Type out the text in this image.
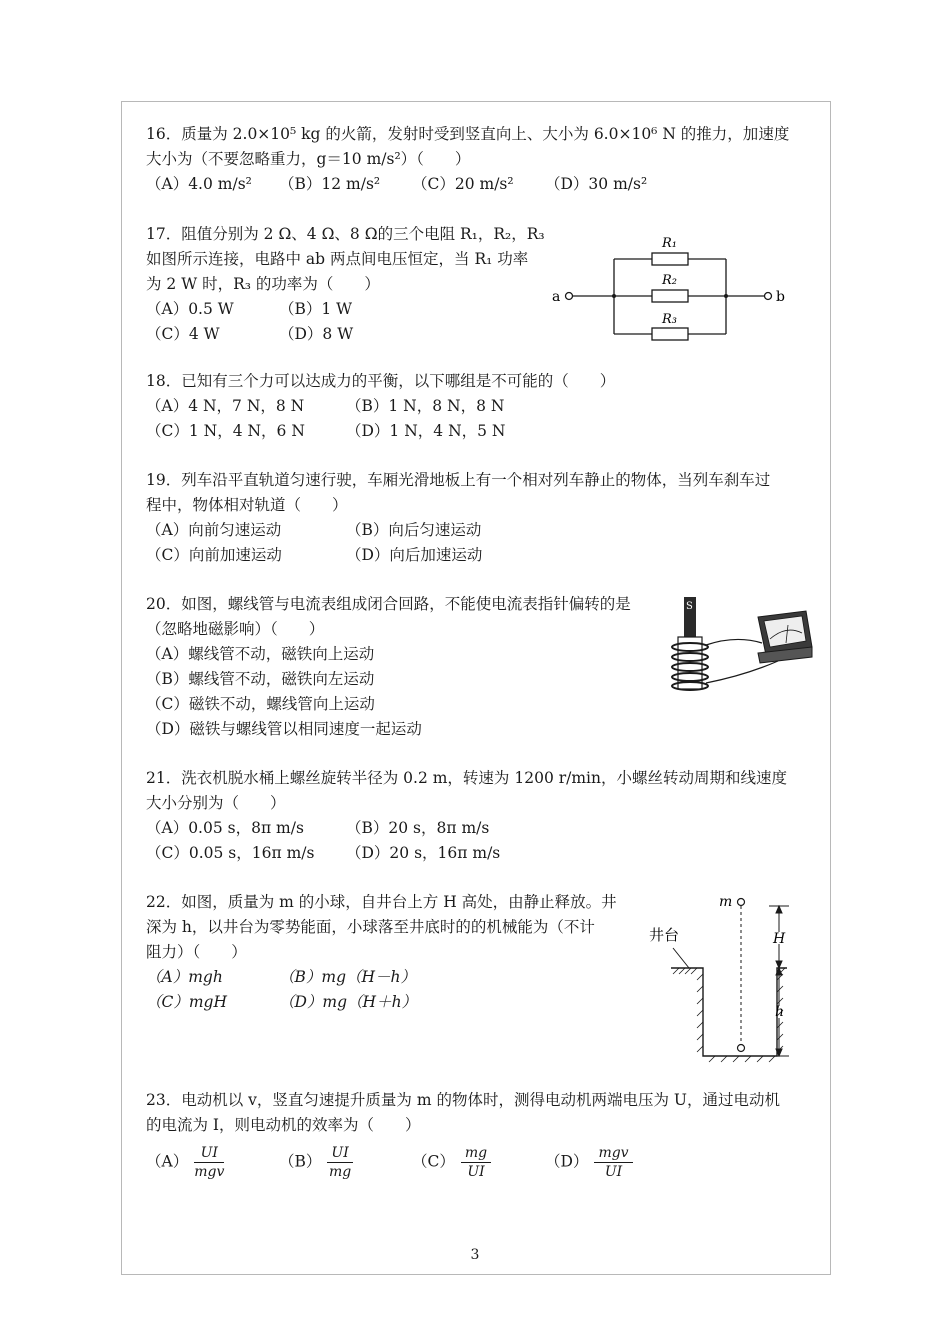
16．质量为 2.0×10⁵ kg 的火箭，发射时受到竖直向上、大小为 6.0×10⁶ N 的推力，加速度
大小为（不要忽略重力，g＝10 m/s²）（　　）
（A）4.0 m/s²	（B）12 m/s²	（C）20 m/s²	（D）30 m/s²
17．阻值分别为 2 Ω、4 Ω、8 Ω的三个电阻 R₁，R₂，R₃
如图所示连接，电路中 ab 两点间电压恒定，当 R₁ 功率
为 2 W 时，R₃ 的功率为（　　）
（A）0.5 W	（B）1 W
（C）4 W	（D）8 W
R₁
R₂
R₃
a	b
18．已知有三个力可以达成力的平衡，以下哪组是不可能的（　　）
（A）4 N，7 N，8 N	（B）1 N，8 N，8 N
（C）1 N，4 N，6 N	（D）1 N，4 N，5 N
19．列车沿平直轨道匀速行驶，车厢光滑地板上有一个相对列车静止的物体，当列车刹车过
程中，物体相对轨道（　　）
（A）向前匀速运动	（B）向后匀速运动
（C）向前加速运动	（D）向后加速运动
20．如图，螺线管与电流表组成闭合回路，不能使电流表指针偏转的是
（忽略地磁影响）（　　）
（A）螺线管不动，磁铁向上运动
（B）螺线管不动，磁铁向左运动
（C）磁铁不动，螺线管向上运动
（D）磁铁与螺线管以相同速度一起运动
S
21．洗衣机脱水桶上螺丝旋转半径为 0.2 m，转速为 1200 r/min，小螺丝转动周期和线速度
大小分别为（　　）
（A）0.05 s，8π m/s	（B）20 s，8π m/s
（C）0.05 s，16π m/s	（D）20 s，16π m/s
22．如图，质量为 m 的小球，自井台上方 H 高处，由静止释放。井
深为 h，以井台为零势能面，小球落至井底时的的机械能为（不计
阻力）（　　）
（A）mgh	（B）mg（H－h）
（C）mgH	（D）mg（H＋h）
m
井台	H
h
23．电动机以 v，竖直匀速提升质量为 m 的物体时，测得电动机两端电压为 U，通过电动机
的电流为 I，则电动机的效率为（　　）
$(A) \frac{UI}{\text{mgv}}$	$(B) \frac{UI}{mg}$	$(C) \frac{mg}{UI}$	$(D) \frac{\text{mgv}}{UI}$
3
